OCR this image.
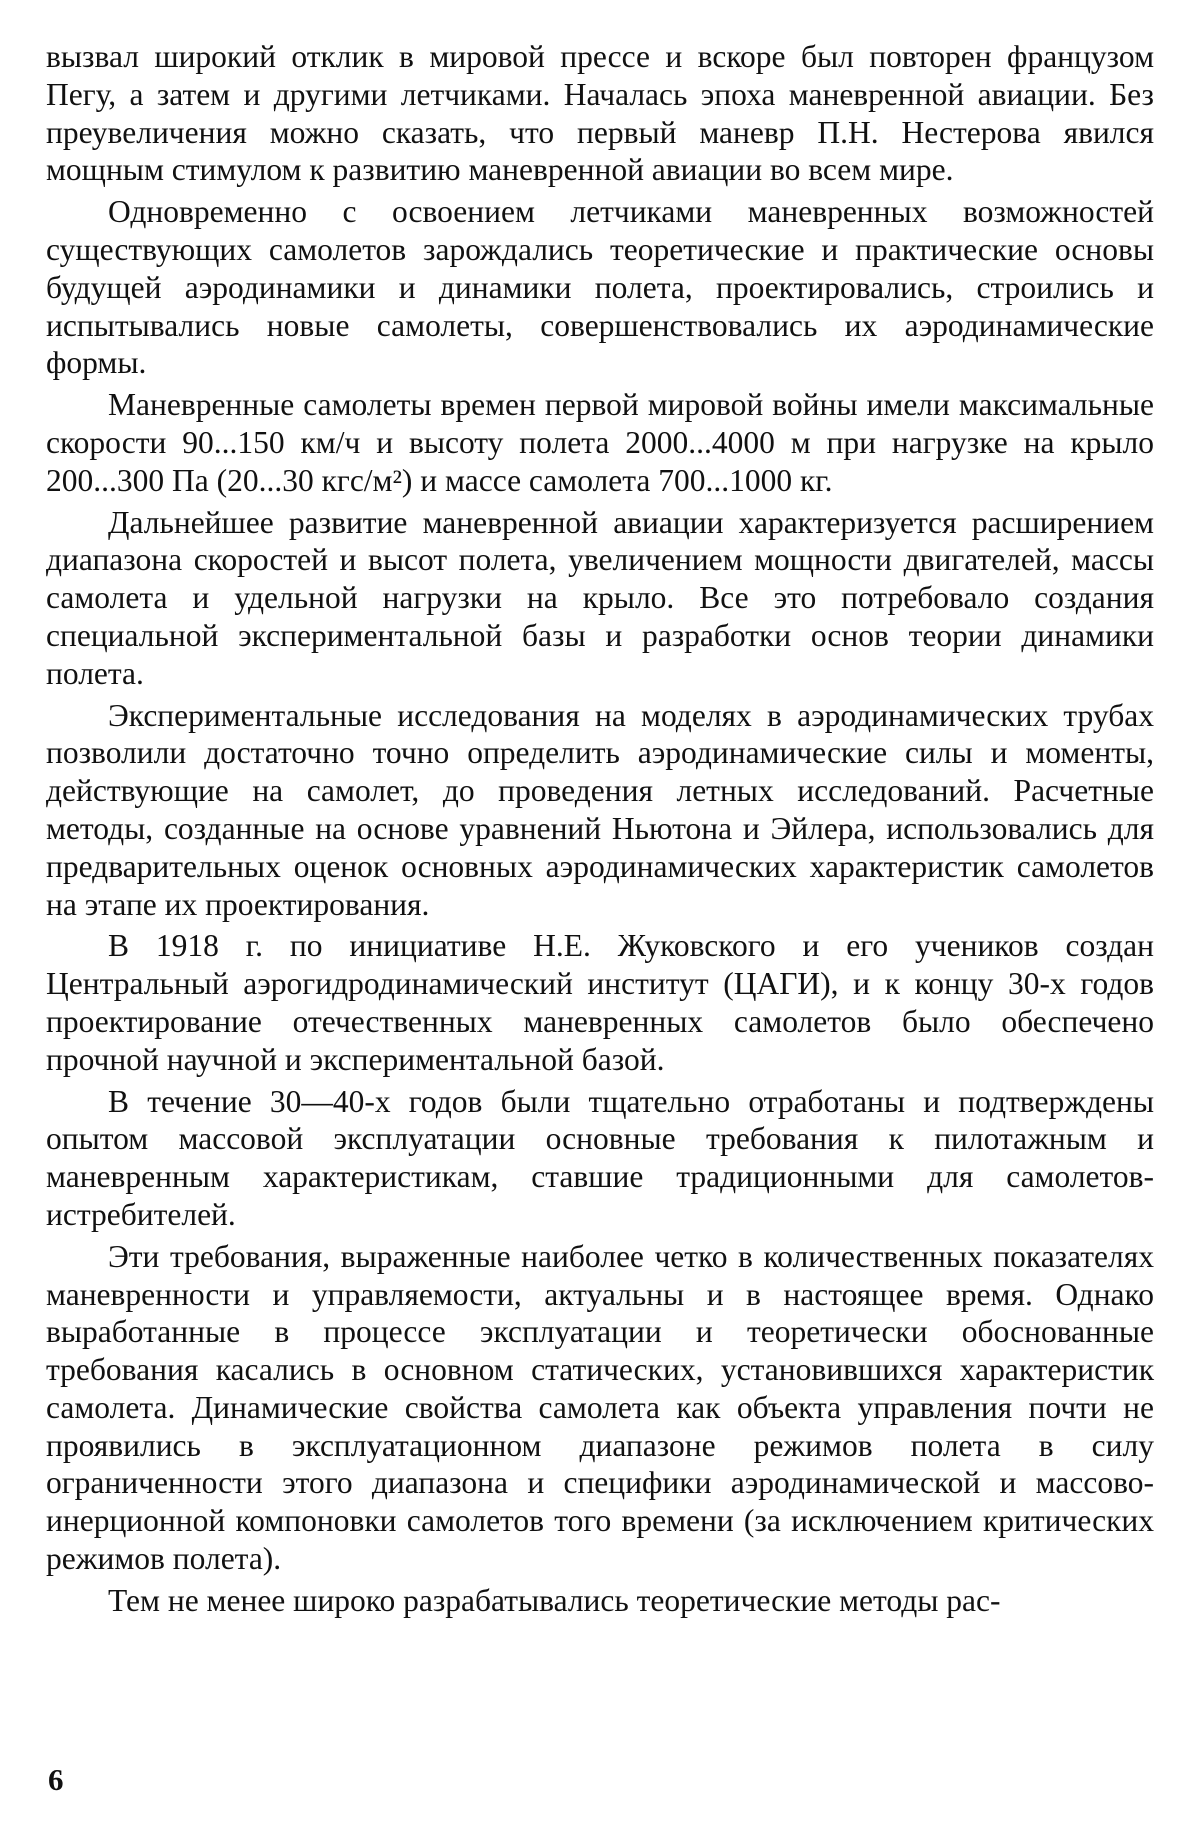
вызвал широкий отклик в мировой прессе и вскоре был повторен французом Пегу, а затем и другими летчиками. Началась эпоха маневренной авиации. Без преувеличения можно сказать, что первый маневр П.Н. Нестерова явился мощным стимулом к развитию маневренной авиации во всем мире.

Одновременно с освоением летчиками маневренных возможностей существующих самолетов зарождались теоретические и практические основы будущей аэродинамики и динамики полета, проектировались, строились и испытывались новые самолеты, совершенствовались их аэродинамические формы.

Маневренные самолеты времен первой мировой войны имели максимальные скорости 90...150 км/ч и высоту полета 2000...4000 м при нагрузке на крыло 200...300 Па (20...30 кгс/м²) и массе самолета 700...1000 кг.

Дальнейшее развитие маневренной авиации характеризуется расширением диапазона скоростей и высот полета, увеличением мощности двигателей, массы самолета и удельной нагрузки на крыло. Все это потребовало создания специальной экспериментальной базы и разработки основ теории динамики полета.

Экспериментальные исследования на моделях в аэродинамических трубах позволили достаточно точно определить аэродинамические силы и моменты, действующие на самолет, до проведения летных исследований. Расчетные методы, созданные на основе уравнений Ньютона и Эйлера, использовались для предварительных оценок основных аэродинамических характеристик самолетов на этапе их проектирования.

В 1918 г. по инициативе Н.Е. Жуковского и его учеников создан Центральный аэрогидродинамический институт (ЦАГИ), и к концу 30-х годов проектирование отечественных маневренных самолетов было обеспечено прочной научной и экспериментальной базой.

В течение 30—40-х годов были тщательно отработаны и подтверждены опытом массовой эксплуатации основные требования к пилотажным и маневренным характеристикам, ставшие традиционными для самолетов-истребителей.

Эти требования, выраженные наиболее четко в количественных показателях маневренности и управляемости, актуальны и в настоящее время. Однако выработанные в процессе эксплуатации и теоретически обоснованные требования касались в основном статических, установившихся характеристик самолета. Динамические свойства самолета как объекта управления почти не проявились в эксплуатационном диапазоне режимов полета в силу ограниченности этого диапазона и специфики аэродинамической и массово-инерционной компоновки самолетов того времени (за исключением критических режимов полета).

Тем не менее широко разрабатывались теоретические методы рас-

6
